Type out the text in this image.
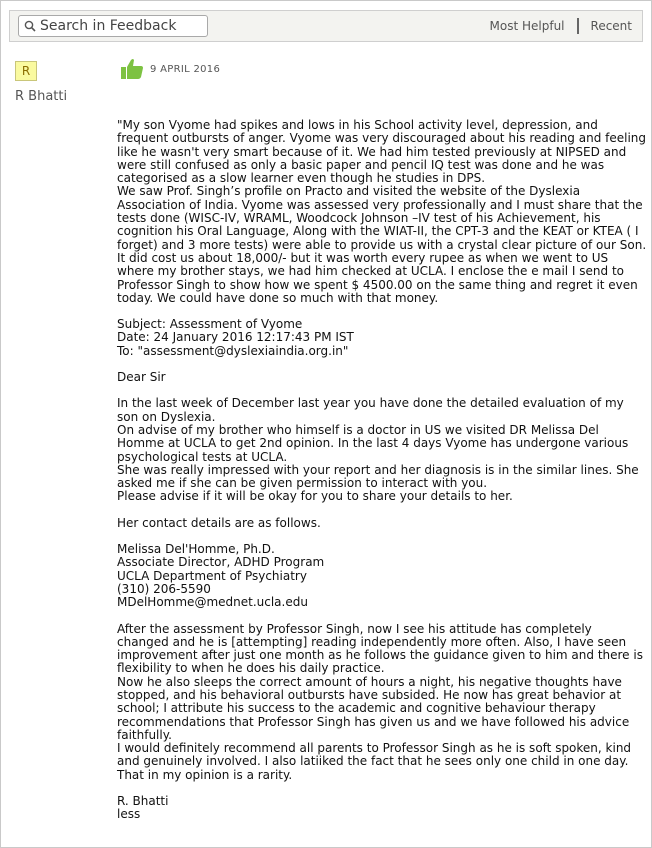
Search in Feedback
Most Helpful Recent
R
R Bhatti
9 APRIL 2016

"My son Vyome had spikes and lows in his School activity level, depression, and frequent outbursts of anger. Vyome was very discouraged about his reading and feeling like he wasn't very smart because of it. We had him tested previously at NIPSED and were still confused as only a basic paper and pencil IQ test was done and he was categorised as a slow learner even though he studies in DPS.

We saw Prof. Singh’s profile on Practo and visited the website of the Dyslexia Association of India. Vyome was assessed very professionally and I must share that the tests done (WISC-IV, WRAML, Woodcock Johnson –IV test of his Achievement, his cognition his Oral Language, Along with the WIAT-II, the CPT-3 and the KEAT or KTEA ( I forget) and 3 more tests) were able to provide us with a crystal clear picture of our Son. It did cost us about 18,000/- but it was worth every rupee as when we went to US where my brother stays, we had him checked at UCLA. I enclose the e mail I send to Professor Singh to show how we spent $ 4500.00 on the same thing and regret it even today. We could have done so much with that money.

Subject: Assessment of Vyome

Date: 24 January 2016 12:17:43 PM IST

To: "assessment@dyslexiaindia.org.in"

Dear Sir

In the last week of December last year you have done the detailed evaluation of my son on Dyslexia.

On advise of my brother who himself is a doctor in US we visited DR Melissa Del Homme at UCLA to get 2nd opinion. In the last 4 days Vyome has undergone various psychological tests at UCLA.

She was really impressed with your report and her diagnosis is in the similar lines. She asked me if she can be given permission to interact with you.

Please advise if it will be okay for you to share your details to her.

Her contact details are as follows.

Melissa Del'Homme, Ph.D.

Associate Director, ADHD Program

UCLA Department of Psychiatry

(310) 206-5590

MDelHomme@mednet.ucla.edu

After the assessment by Professor Singh, now I see his attitude has completely changed and he is [attempting] reading independently more often. Also, I have seen improvement after just one month as he follows the guidance given to him and there is flexibility to when he does his daily practice.

Now he also sleeps the correct amount of hours a night, his negative thoughts have stopped, and his behavioral outbursts have subsided. He now has great behavior at school; I attribute his success to the academic and cognitive behaviour therapy recommendations that Professor Singh has given us and we have followed his advice faithfully.

I would definitely recommend all parents to Professor Singh as he is soft spoken, kind and genuinely involved. I also latiiked the fact that he sees only one child in one day. That in my opinion is a rarity.

R. Bhatti

less
